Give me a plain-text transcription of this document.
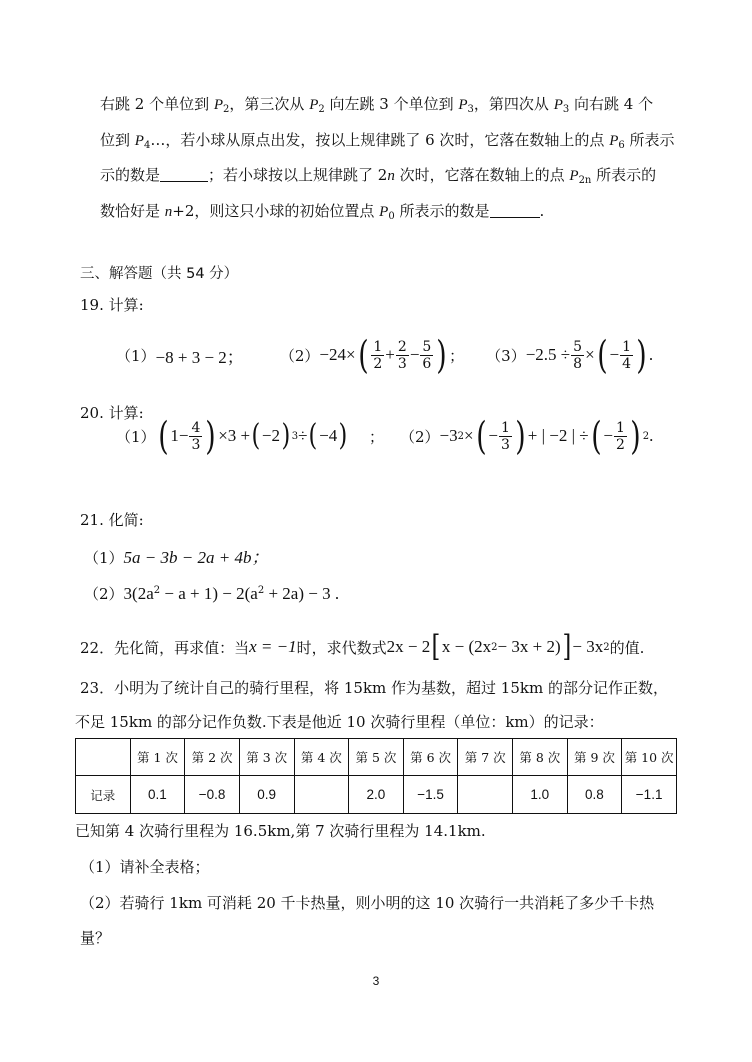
右跳 2 个单位到 $P_2$，第三次从 $P_2$ 向左跳 3 个单位到 $P_3$，第四次从 $P_3$ 向右跳 4 个
位到 $P_4\dots$，若小球从原点出发，按以上规律跳了 6 次时，它落在数轴上的点 $P_6$ 所表示
示的数是	；若小球按以上规律跳了 2n 次时，它落在数轴上的点 $P_{2n}$ 所表示的
数恰好是 n+2，则这只小球的初始位置点 $P_0$ 所表示的数是	.
三、解答题（共 54 分）
19. 计算:
（1） −8 + 3 − 2； （2） −24× ( $\frac{1}{2} + \frac{2}{3} - \frac{5}{6}$ ) ； $(3) -2.5 \div \frac{5}{8}$ × ( − $\frac{1}{4}$ ) .
20. 计算:
（1） ( $1- \frac{4}{3}$ ) ×3 + ( −2 ) 3 ÷ ( −4 ) ； （2） −3 2 × ( − $\frac{1}{3}$ ) + | −2 | ÷ ( − $\frac{1}{2}$ ) 2 .
21. 化简:
（1）5a − 3b − 2a + 4b；
$(2)3(2a^2 - a + 1) - 2(a^2 + 2a) - 3$ .
22．先化简，再求值：当 x = −1 时，求代数式 2x − 2 [ x − (2x 2 − 3x + 2) ] − 3x 2 的值.
23．小明为了统计自己的骑行里程，将 15km 作为基数，超过 15km 的部分记作正数，
不足 15km 的部分记作负数.下表是他近 10 次骑行里程（单位：km）的记录：
	第 1 次	第 2 次	第 3 次	第 4 次	第 5 次	第 6 次	第 7 次	第 8 次	第 9 次	第 10 次
记录	0.1	−0.8	0.9		2.0	−1.5		1.0	0.8	−1.1
已知第 4 次骑行里程为 16.5km,第 7 次骑行里程为 14.1km.
（1）请补全表格；
（2）若骑行 1km 可消耗 20 千卡热量，则小明的这 10 次骑行一共消耗了多少千卡热
量？
3
